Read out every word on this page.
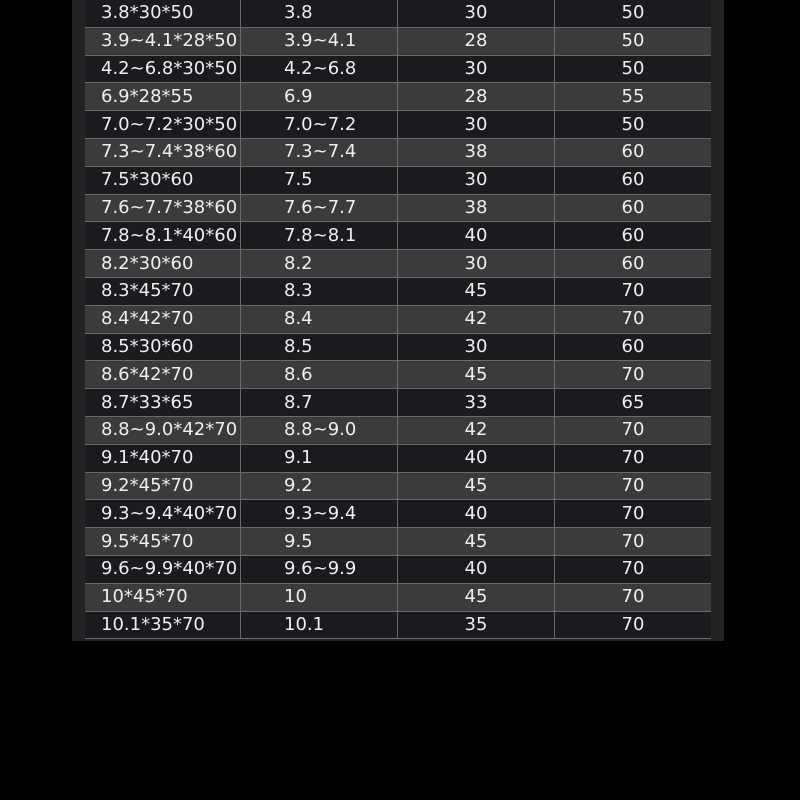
3.8*30*50	3.8	30	50
3.9~4.1*28*50	3.9~4.1	28	50
4.2~6.8*30*50	4.2~6.8	30	50
6.9*28*55	6.9	28	55
7.0~7.2*30*50	7.0~7.2	30	50
7.3~7.4*38*60	7.3~7.4	38	60
7.5*30*60	7.5	30	60
7.6~7.7*38*60	7.6~7.7	38	60
7.8~8.1*40*60	7.8~8.1	40	60
8.2*30*60	8.2	30	60
8.3*45*70	8.3	45	70
8.4*42*70	8.4	42	70
8.5*30*60	8.5	30	60
8.6*42*70	8.6	45	70
8.7*33*65	8.7	33	65
8.8~9.0*42*70	8.8~9.0	42	70
9.1*40*70	9.1	40	70
9.2*45*70	9.2	45	70
9.3~9.4*40*70	9.3~9.4	40	70
9.5*45*70	9.5	45	70
9.6~9.9*40*70	9.6~9.9	40	70
10*45*70	10	45	70
10.1*35*70	10.1	35	70
